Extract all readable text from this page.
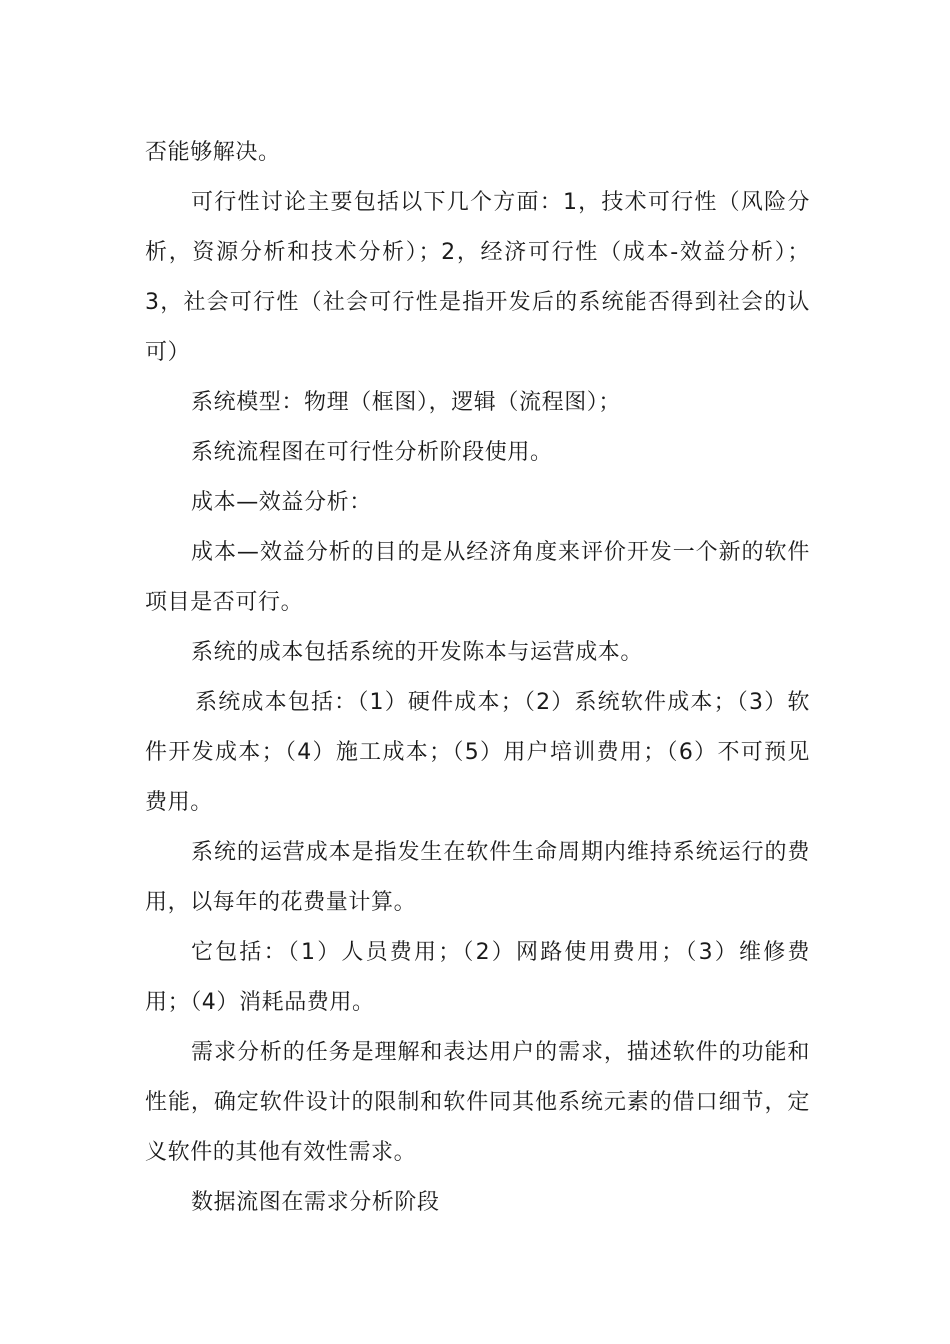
否能够解决。

可行性讨论主要包括以下几个方面：1，技术可行性（风险分析，资源分析和技术分析）；2，经济可行性（成本-效益分析）；3，社会可行性（社会可行性是指开发后的系统能否得到社会的认可）

系统模型：物理（框图），逻辑（流程图）；

系统流程图在可行性分析阶段使用。

成本—效益分析：

成本—效益分析的目的是从经济角度来评价开发一个新的软件项目是否可行。

系统的成本包括系统的开发陈本与运营成本。

系统成本包括：（1）硬件成本；（2）系统软件成本；（3）软件开发成本；（4）施工成本；（5）用户培训费用；（6）不可预见费用。

系统的运营成本是指发生在软件生命周期内维持系统运行的费用，以每年的花费量计算。

它包括：（1）人员费用；（2）网路使用费用；（3）维修费用；（4）消耗品费用。

需求分析的任务是理解和表达用户的需求，描述软件的功能和性能，确定软件设计的限制和软件同其他系统元素的借口细节，定义软件的其他有效性需求。

数据流图在需求分析阶段
